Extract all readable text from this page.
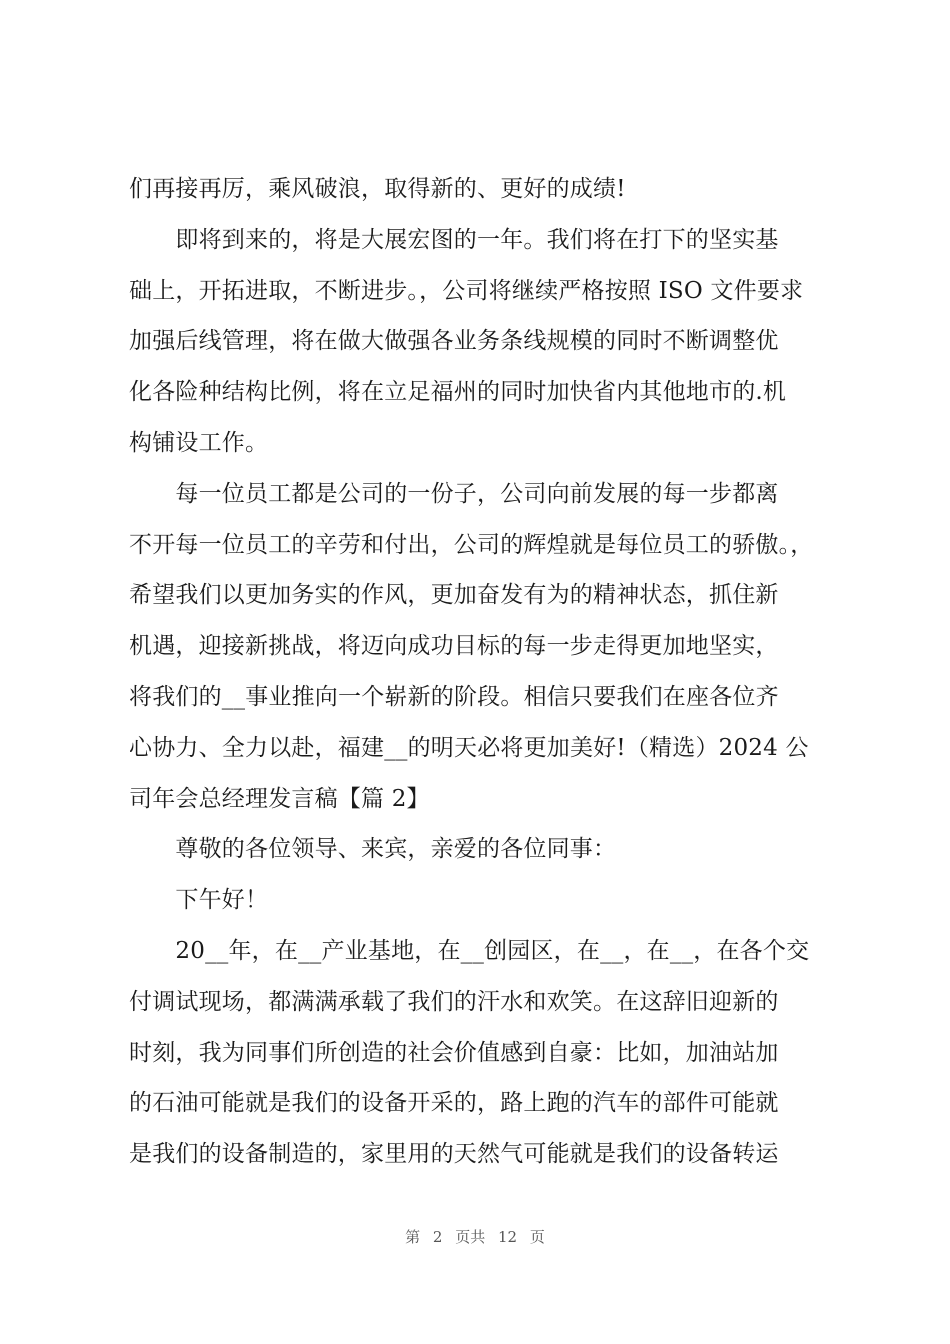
们再接再厉，乘风破浪，取得新的、更好的成绩!
　　即将到来的，将是大展宏图的一年。我们将在打下的坚实基
础上，开拓进取，不断进步。，公司将继续严格按照 ISO 文件要求
加强后线管理，将在做大做强各业务条线规模的同时不断调整优
化各险种结构比例，将在立足福州的同时加快省内其他地市的.机
构铺设工作。
　　每一位员工都是公司的一份子，公司向前发展的每一步都离
不开每一位员工的辛劳和付出，公司的辉煌就是每位员工的骄傲。，
希望我们以更加务实的作风，更加奋发有为的精神状态，抓住新
机遇，迎接新挑战，将迈向成功目标的每一步走得更加地坚实，
将我们的__事业推向一个崭新的阶段。相信只要我们在座各位齐
心协力、全力以赴，福建__的明天必将更加美好!（精选）2024 公
司年会总经理发言稿【篇 2】
　　尊敬的各位领导、来宾，亲爱的各位同事：
　　下午好！
　　20__年，在__产业基地，在__创园区，在__，在__，在各个交
付调试现场，都满满承载了我们的汗水和欢笑。在这辞旧迎新的
时刻，我为同事们所创造的社会价值感到自豪：比如，加油站加
的石油可能就是我们的设备开采的，路上跑的汽车的部件可能就
是我们的设备制造的，家里用的天然气可能就是我们的设备转运
第 2 页共 12 页
